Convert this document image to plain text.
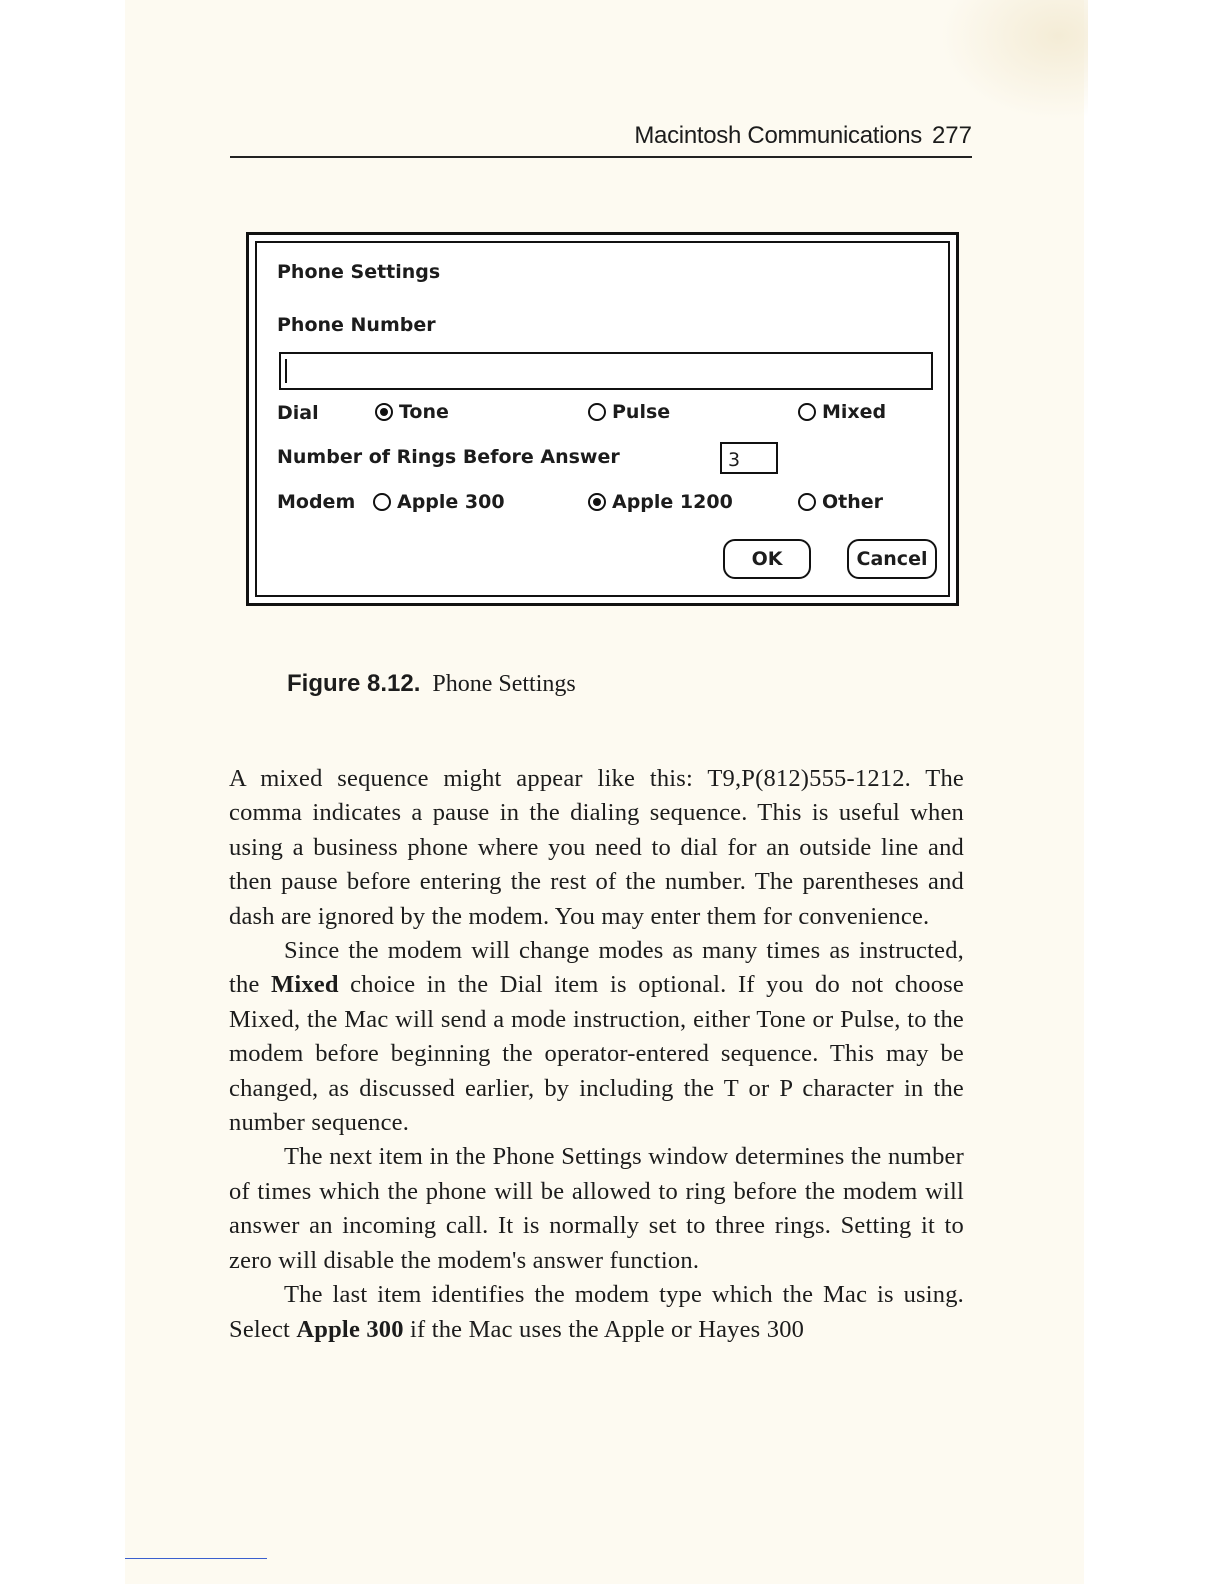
Macintosh Communications 277
Phone Settings
Phone Number
Dial	Tone	Pulse	Mixed
Number of Rings Before Answer	3
Modem Apple 300	Apple 1200	Other
OK	Cancel
Figure 8.12. Phone Settings

A mixed sequence might appear like this: T9,P(812)555-1212. The comma indicates a pause in the dialing sequence. This is useful when using a business phone where you need to dial for an outside line and then pause before entering the rest of the number. The parentheses and dash are ignored by the modem. You may enter them for convenience.

Since the modem will change modes as many times as instructed, the Mixed choice in the Dial item is optional. If you do not choose Mixed, the Mac will send a mode instruction, either Tone or Pulse, to the modem before beginning the operator-entered sequence. This may be changed, as discussed earlier, by including the T or P character in the number sequence.

The next item in the Phone Settings window determines the number of times which the phone will be allowed to ring before the modem will answer an incoming call. It is normally set to three rings. Setting it to zero will disable the modem's answer function.

The last item identifies the modem type which the Mac is using. Select Apple 300 if the Mac uses the Apple or Hayes 300
